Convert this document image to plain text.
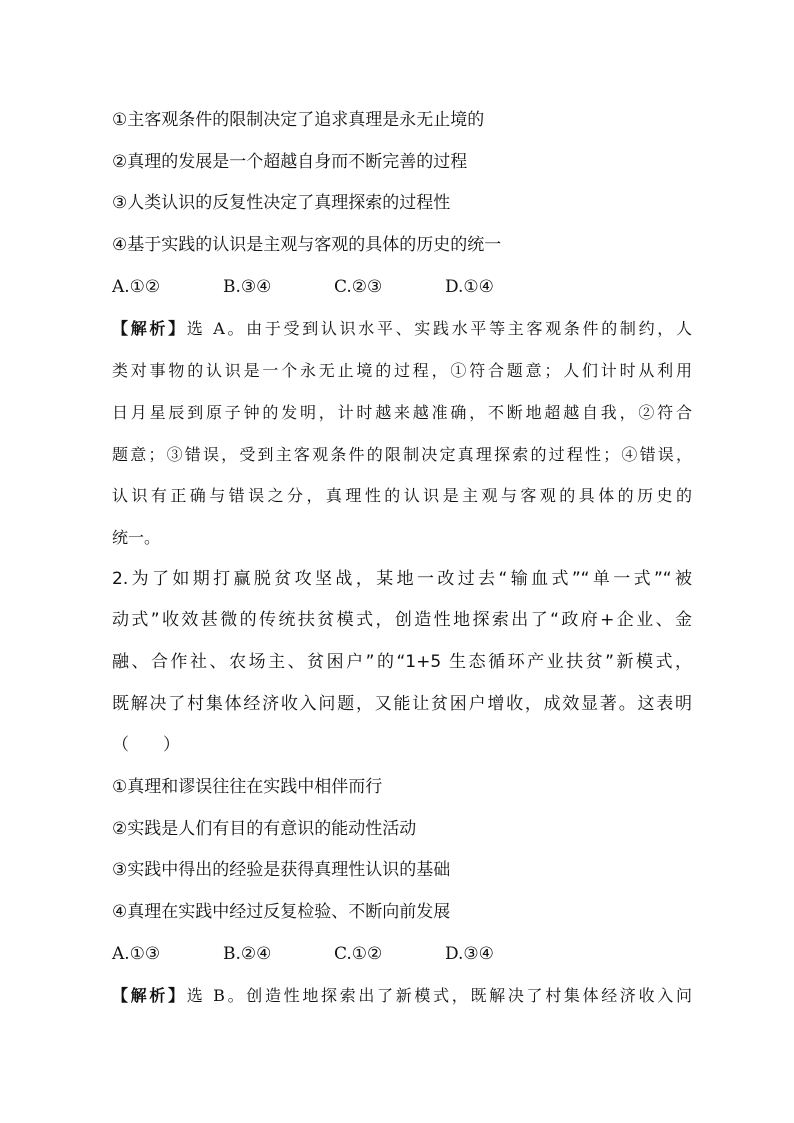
①主客观条件的限制决定了追求真理是永无止境的
②真理的发展是一个超越自身而不断完善的过程
③人类认识的反复性决定了真理探索的过程性
④基于实践的认识是主观与客观的具体的历史的统一
A.①②	B.③④	C.②③	D.①④
【解析】选 A。由于受到认识水平、实践水平等主客观条件的制约，人
类对事物的认识是一个永无止境的过程，①符合题意；人们计时从利用
日月星辰到原子钟的发明，计时越来越准确，不断地超越自我，②符合
题意；③错误，受到主客观条件的限制决定真理探索的过程性；④错误，
认识有正确与错误之分，真理性的认识是主观与客观的具体的历史的
统一。
2.为了如期打赢脱贫攻坚战，某地一改过去“输血式”“单一式”“被
动式”收效甚微的传统扶贫模式，创造性地探索出了“政府+企业、金
融、合作社、农场主、贫困户”的“1+5 生态循环产业扶贫”新模式，
既解决了村集体经济收入问题，又能让贫困户增收，成效显著。这表明
（　　）
①真理和谬误往往在实践中相伴而行
②实践是人们有目的有意识的能动性活动
③实践中得出的经验是获得真理性认识的基础
④真理在实践中经过反复检验、不断向前发展
A.①③	B.②④	C.①②	D.③④
【解析】选 B。创造性地探索出了新模式，既解决了村集体经济收入问
